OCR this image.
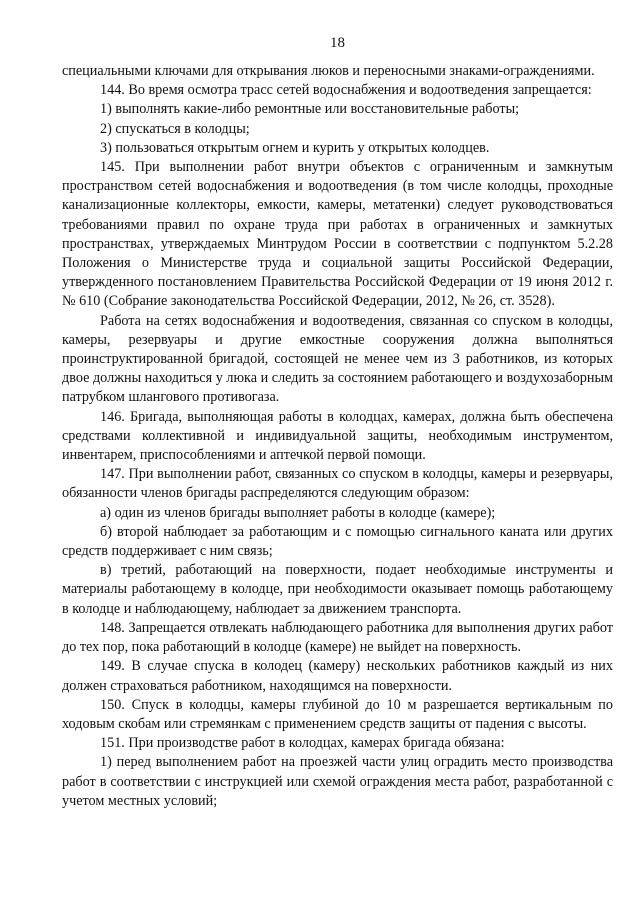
18

специальными ключами для открывания люков и переносными знаками-ограждениями.

144. Во время осмотра трасс сетей водоснабжения и водоотведения запрещается:

1) выполнять какие-либо ремонтные или восстановительные работы;

2) спускаться в колодцы;

3) пользоваться открытым огнем и курить у открытых колодцев.

145. При выполнении работ внутри объектов с ограниченным и замкнутым пространством сетей водоснабжения и водоотведения (в том числе колодцы, проходные канализационные коллекторы, емкости, камеры, метатенки) следует руководствоваться требованиями правил по охране труда при работах в ограниченных и замкнутых пространствах, утверждаемых Минтрудом России в соответствии с подпунктом 5.2.28 Положения о Министерстве труда и социальной защиты Российской Федерации, утвержденного постановлением Правительства Российской Федерации от 19 июня 2012 г. № 610 (Собрание законодательства Российской Федерации, 2012, № 26, ст. 3528).

Работа на сетях водоснабжения и водоотведения, связанная со спуском в колодцы, камеры, резервуары и другие емкостные сооружения должна выполняться проинструктированной бригадой, состоящей не менее чем из 3 работников, из которых двое должны находиться у люка и следить за состоянием работающего и воздухозаборным патрубком шлангового противогаза.

146. Бригада, выполняющая работы в колодцах, камерах, должна быть обеспечена средствами коллективной и индивидуальной защиты, необходимым инструментом, инвентарем, приспособлениями и аптечкой первой помощи.

147. При выполнении работ, связанных со спуском в колодцы, камеры и резервуары, обязанности членов бригады распределяются следующим образом:

а) один из членов бригады выполняет работы в колодце (камере);

б) второй наблюдает за работающим и с помощью сигнального каната или других средств поддерживает с ним связь;

в) третий, работающий на поверхности, подает необходимые инструменты и материалы работающему в колодце, при необходимости оказывает помощь работающему в колодце и наблюдающему, наблюдает за движением транспорта.

148. Запрещается отвлекать наблюдающего работника для выполнения других работ до тех пор, пока работающий в колодце (камере) не выйдет на поверхность.

149. В случае спуска в колодец (камеру) нескольких работников каждый из них должен страховаться работником, находящимся на поверхности.

150. Спуск в колодцы, камеры глубиной до 10 м разрешается вертикальным по ходовым скобам или стремянкам с применением средств защиты от падения с высоты.

151. При производстве работ в колодцах, камерах бригада обязана:

1) перед выполнением работ на проезжей части улиц оградить место производства работ в соответствии с инструкцией или схемой ограждения места работ, разработанной с учетом местных условий;
